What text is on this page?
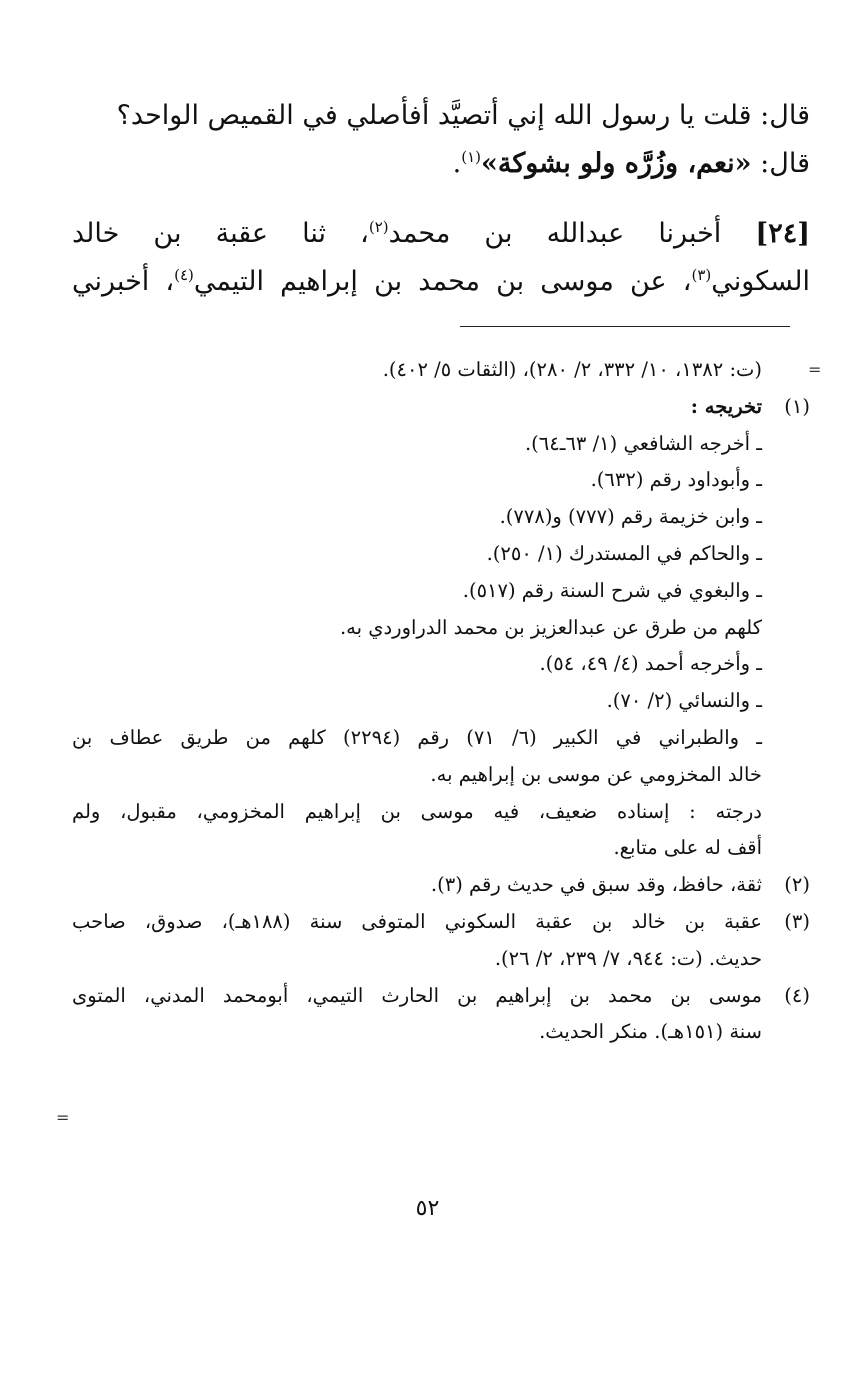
قال: قلت يا رسول الله إني أتصيَّد أفأصلي في القميص الواحد؟
قال: «نعم، وزُرَّه ولو بشوكة»$^{(١)}$.
[٢٤] أخبرنا عبدالله بن محمد$^{(٢)}$، ثنا عقبة بن خالد
السكوني$^{(٣)}$، عن موسى بن محمد بن إبراهيم التيمي$^{(٤)}$، أخبرني
=
(ت: ١٣٨٢، ١٠/ ٣٣٢، ٢/ ٢٨٠)، (الثقات ٥/ ٤٠٢).
(١)
تخريجه :
ـ أخرجه الشافعي (١/ ٦٣ـ٦٤).
ـ وأبوداود رقم (٦٣٢).
ـ وابن خزيمة رقم (٧٧٧) و(٧٧٨).
ـ والحاكم في المستدرك (١/ ٢٥٠).
ـ والبغوي في شرح السنة رقم (٥١٧).
كلهم من طرق عن عبدالعزيز بن محمد الدراوردي به.
ـ وأخرجه أحمد (٤/ ٤٩، ٥٤).
ـ والنسائي (٢/ ٧٠).
ـ والطبراني في الكبير (٦/ ٧١) رقم (٢٢٩٤) كلهم من طريق عطاف بن
خالد المخزومي عن موسى بن إبراهيم به.
درجته : إسناده ضعيف، فيه موسى بن إبراهيم المخزومي، مقبول، ولم
أقف له على متابع.
(٢)
ثقة، حافظ، وقد سبق في حديث رقم (٣).
(٣)
عقبة بن خالد بن عقبة السكوني المتوفى سنة (١٨٨هـ)، صدوق، صاحب
حديث. (ت: ٩٤٤، ٧/ ٢٣٩، ٢/ ٢٦).
(٤)
موسى بن محمد بن إبراهيم بن الحارث التيمي، أبومحمد المدني، المتوى
سنة (١٥١هـ). منكر الحديث.
=
٥٢
